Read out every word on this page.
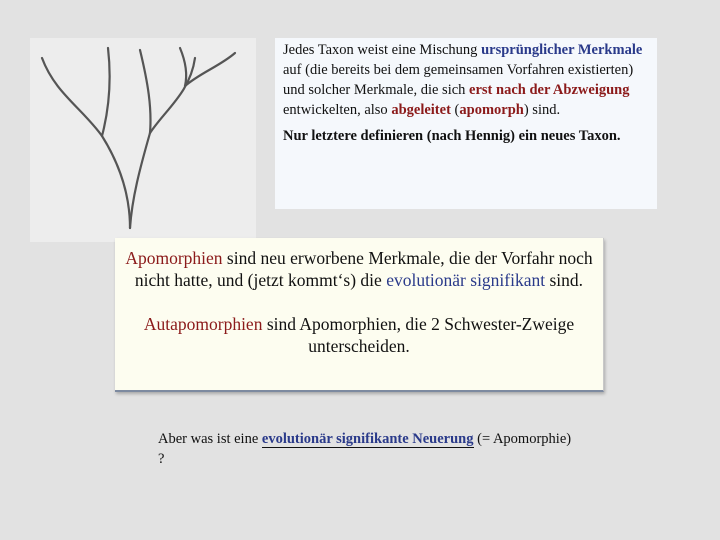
Jedes Taxon weist eine Mischung ursprünglicher Merkmale auf (die bereits bei dem gemeinsamen Vorfahren existierten) und solcher Merkmale, die sich erst nach der Abzweigung entwickelten, also abgeleitet (apomorph) sind.

Nur letztere definieren (nach Hennig) ein neues Taxon.

Apomorphien sind neu erworbene Merkmale, die der Vorfahr noch nicht hatte, und (jetzt kommt‘s) die evolutionär signifikant sind.

Autapomorphien sind Apomorphien, die 2 Schwester-Zweige unterscheiden.

Aber was ist eine evolutionär signifikante Neuerung (= Apomorphie) ?
